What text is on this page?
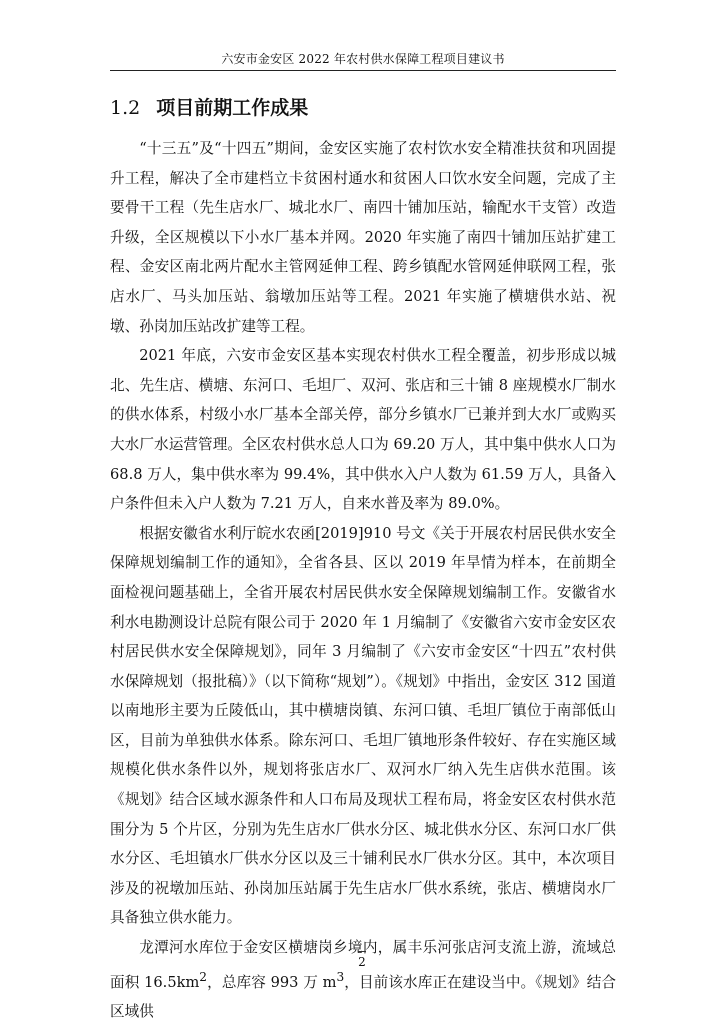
六安市金安区 2022 年农村供水保障工程项目建议书
1.2 项目前期工作成果

“十三五”及“十四五”期间，金安区实施了农村饮水安全精准扶贫和巩固提升工程，解决了全市建档立卡贫困村通水和贫困人口饮水安全问题，完成了主要骨干工程（先生店水厂、城北水厂、南四十铺加压站，输配水干支管）改造升级，全区规模以下小水厂基本并网。2020 年实施了南四十铺加压站扩建工程、金安区南北两片配水主管网延伸工程、跨乡镇配水管网延伸联网工程，张店水厂、马头加压站、翁墩加压站等工程。2021 年实施了横塘供水站、祝墩、孙岗加压站改扩建等工程。

2021 年底，六安市金安区基本实现农村供水工程全覆盖，初步形成以城北、先生店、横塘、东河口、毛坦厂、双河、张店和三十铺 8 座规模水厂制水的供水体系，村级小水厂基本全部关停，部分乡镇水厂已兼并到大水厂或购买大水厂水运营管理。全区农村供水总人口为 69.20 万人，其中集中供水人口为 68.8 万人，集中供水率为 99.4%，其中供水入户人数为 61.59 万人，具备入户条件但未入户人数为 7.21 万人，自来水普及率为 89.0%。

根据安徽省水利厅皖水农函[2019]910 号文《关于开展农村居民供水安全保障规划编制工作的通知》，全省各县、区以 2019 年旱情为样本，在前期全面检视问题基础上，全省开展农村居民供水安全保障规划编制工作。安徽省水利水电勘测设计总院有限公司于 2020 年 1 月编制了《安徽省六安市金安区农村居民供水安全保障规划》，同年 3 月编制了《六安市金安区“十四五”农村供水保障规划（报批稿）》（以下简称“规划”）。《规划》中指出，金安区 312 国道以南地形主要为丘陵低山，其中横塘岗镇、东河口镇、毛坦厂镇位于南部低山区，目前为单独供水体系。除东河口、毛坦厂镇地形条件较好、存在实施区域规模化供水条件以外，规划将张店水厂、双河水厂纳入先生店供水范围。该《规划》结合区域水源条件和人口布局及现状工程布局，将金安区农村供水范围分为 5 个片区，分别为先生店水厂供水分区、城北供水分区、东河口水厂供水分区、毛坦镇水厂供水分区以及三十铺利民水厂供水分区。其中，本次项目涉及的祝墩加压站、孙岗加压站属于先生店水厂供水系统，张店、横塘岗水厂具备独立供水能力。

龙潭河水库位于金安区横塘岗乡境内，属丰乐河张店河支流上游，流域总面积 $16.5km^2$，总库容 993 万 $m^3$，目前该水库正在建设当中。《规划》结合区域供

2
